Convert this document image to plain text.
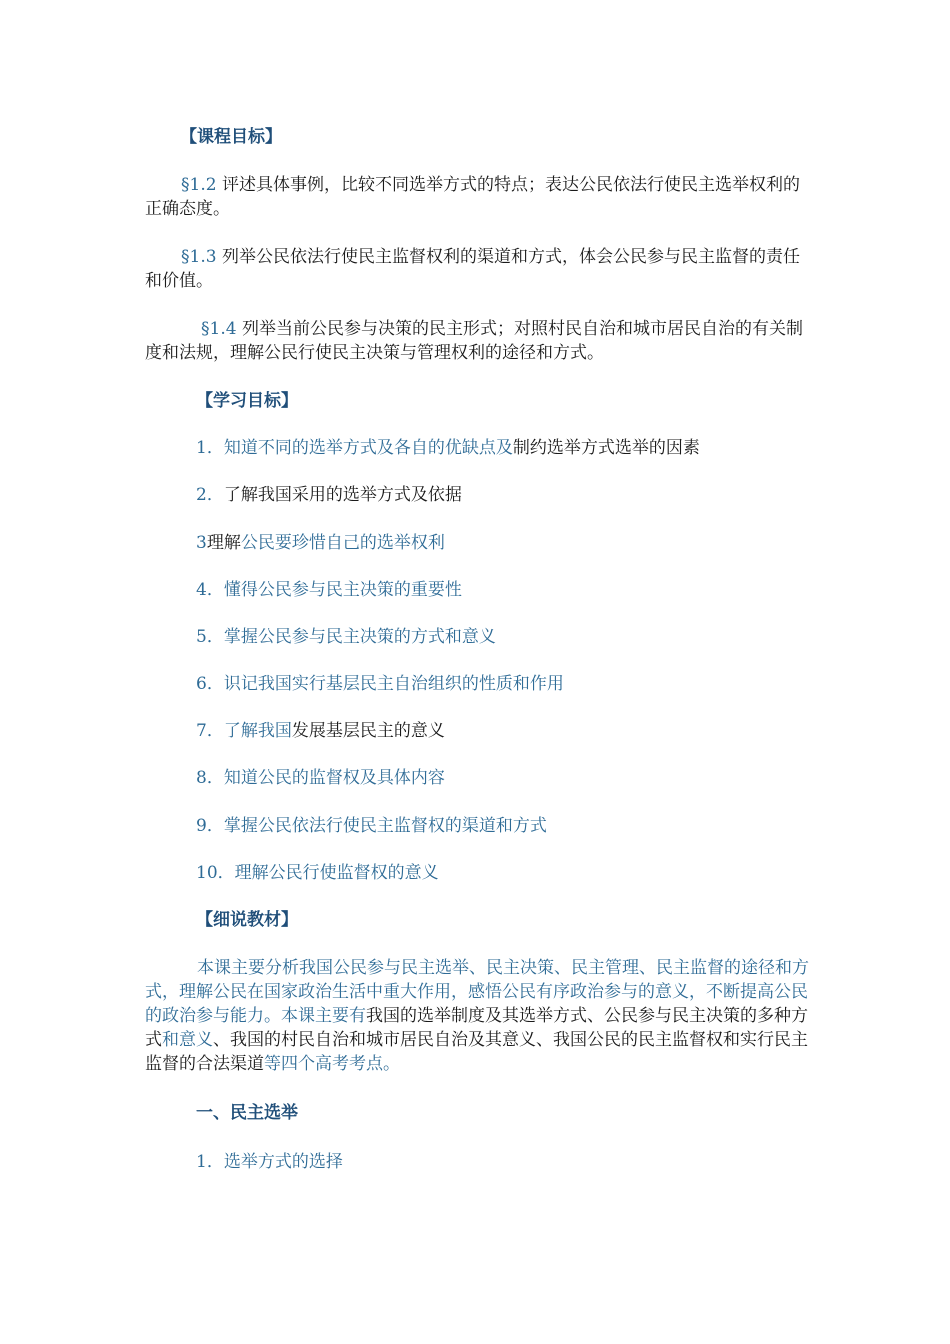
【课程目标】
§1.2 评述具体事例，比较不同选举方式的特点；表达公民依法行使民主选举权利的正确态度。
§1.3 列举公民依法行使民主监督权利的渠道和方式，体会公民参与民主监督的责任和价值。
§1.4 列举当前公民参与决策的民主形式；对照村民自治和城市居民自治的有关制度和法规，理解公民行使民主决策与管理权利的途径和方式。
【学习目标】
1．知道不同的选举方式及各自的优缺点及制约选举方式选举的因素
2．了解我国采用的选举方式及依据
3理解公民要珍惜自己的选举权利
4．懂得公民参与民主决策的重要性
5．掌握公民参与民主决策的方式和意义
6．识记我国实行基层民主自治组织的性质和作用
7．了解我国发展基层民主的意义
8．知道公民的监督权及具体内容
9．掌握公民依法行使民主监督权的渠道和方式
10．理解公民行使监督权的意义
【细说教材】
本课主要分析我国公民参与民主选举、民主决策、民主管理、民主监督的途径和方式，理解公民在国家政治生活中重大作用，感悟公民有序政治参与的意义，不断提高公民的政治参与能力。本课主要有我国的选举制度及其选举方式、公民参与民主决策的多种方式和意义、我国的村民自治和城市居民自治及其意义、我国公民的民主监督权和实行民主监督的合法渠道等四个高考考点。
一、民主选举
1．选举方式的选择
